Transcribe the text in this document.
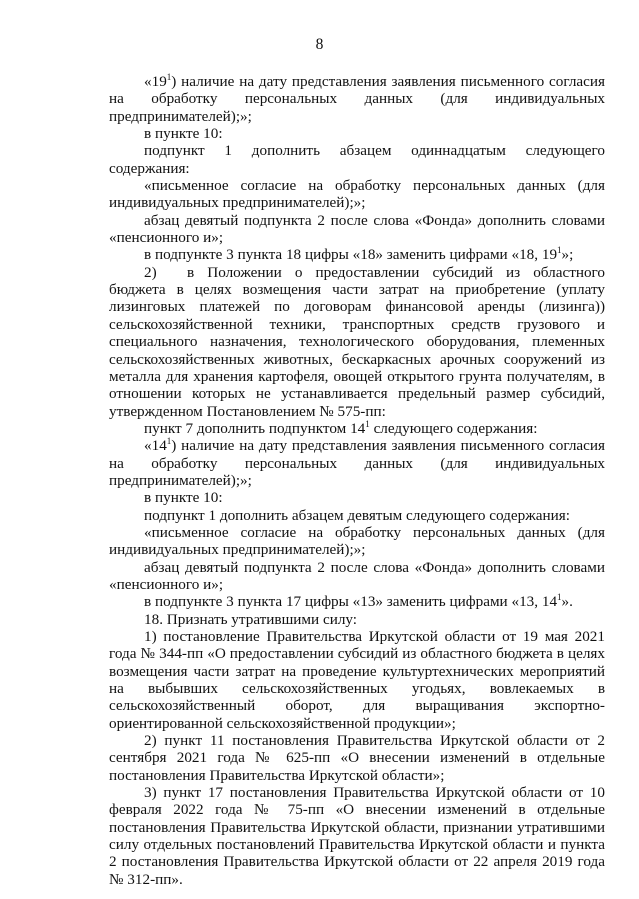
8

«$19^1$) наличие на дату представления заявления письменного согласия на обработку персональных данных (для индивидуальных предпринимателей);»;

в пункте 10:

подпункт 1 дополнить абзацем одиннадцатым следующего содержания:

«письменное согласие на обработку персональных данных (для индивидуальных предпринимателей);»;

абзац девятый подпункта 2 после слова «Фонда» дополнить словами «пенсионного и»;

в подпункте 3 пункта 18 цифры «18» заменить цифрами «18, $19^1$»;

2)  в Положении о предоставлении субсидий из областного бюджета в целях возмещения части затрат на приобретение (уплату лизинговых платежей по договорам финансовой аренды (лизинга)) сельскохозяйственной техники, транспортных средств грузового и специального назначения, технологического оборудования, племенных сельскохозяйственных животных, бескаркасных арочных сооружений из металла для хранения картофеля, овощей открытого грунта получателям, в отношении которых не устанавливается предельный размер субсидий, утвержденном Постановлением № 575-пп:

пункт 7 дополнить подпунктом $14^1$ следующего содержания:

«$14^1$) наличие на дату представления заявления письменного согласия на обработку персональных данных (для индивидуальных предпринимателей);»;

в пункте 10:

подпункт 1 дополнить абзацем девятым следующего содержания:

«письменное согласие на обработку персональных данных (для индивидуальных предпринимателей);»;

абзац девятый подпункта 2 после слова «Фонда» дополнить словами «пенсионного и»;

в подпункте 3 пункта 17 цифры «13» заменить цифрами «13, $14^1$».

18. Признать утратившими силу:

1) постановление Правительства Иркутской области от 19 мая 2021 года № 344-пп «О предоставлении субсидий из областного бюджета в целях возмещения части затрат на проведение культуртехнических мероприятий на выбывших сельскохозяйственных угодьях, вовлекаемых в сельскохозяйственный оборот, для выращивания экспортно-ориентированной сельскохозяйственной продукции»;

2) пункт 11 постановления Правительства Иркутской области от 2 сентября 2021 года № 625-пп «О внесении изменений в отдельные постановления Правительства Иркутской области»;

3) пункт 17 постановления Правительства Иркутской области от 10 февраля 2022 года № 75-пп «О внесении изменений в отдельные постановления Правительства Иркутской области, признании утратившими силу отдельных постановлений Правительства Иркутской области и пункта 2 постановления Правительства Иркутской области от 22 апреля 2019 года № 312-пп».
